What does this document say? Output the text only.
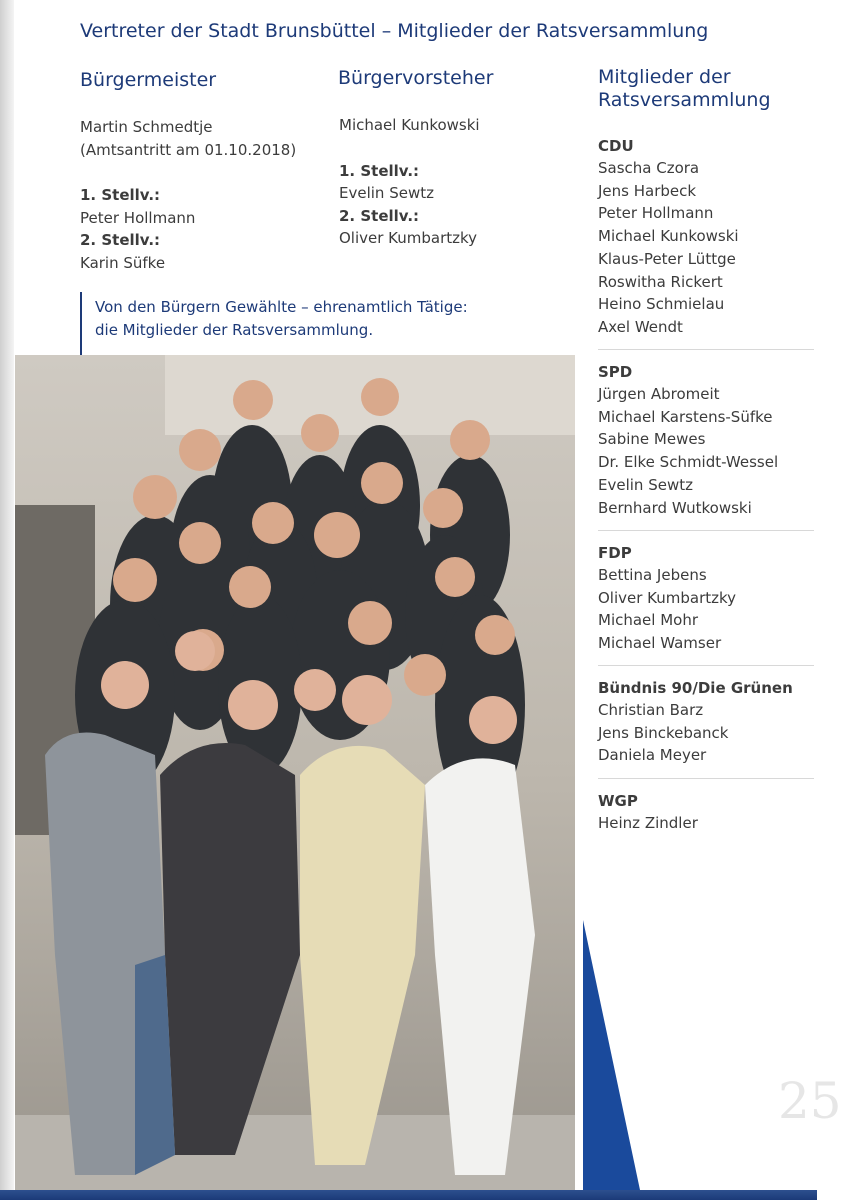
Vertreter der Stadt Brunsbüttel – Mitglieder der Ratsversammlung
Bürgermeister
Martin Schmedtje
(Amtsantritt am 01.10.2018)
1. Stellv.:
Peter Hollmann
2. Stellv.:
Karin Süfke
Bürgervorsteher
Michael Kunkowski
1. Stellv.:
Evelin Sewtz
2. Stellv.:
Oliver Kumbartzky
Mitglieder der
Ratsversammlung
CDU
Sascha Czora
Jens Harbeck
Peter Hollmann
Michael Kunkowski
Klaus-Peter Lüttge
Roswitha Rickert
Heino Schmielau
Axel Wendt
SPD
Jürgen Abromeit
Michael Karstens-Süfke
Sabine Mewes
Dr. Elke Schmidt-Wessel
Evelin Sewtz
Bernhard Wutkowski
FDP
Bettina Jebens
Oliver Kumbartzky
Michael Mohr
Michael Wamser
Bündnis 90/Die Grünen
Christian Barz
Jens Binckebanck
Daniela Meyer
WGP
Heinz Zindler
Von den Bürgern Gewählte – ehrenamtlich Tätige:
die Mitglieder der Ratsversammlung.
25
